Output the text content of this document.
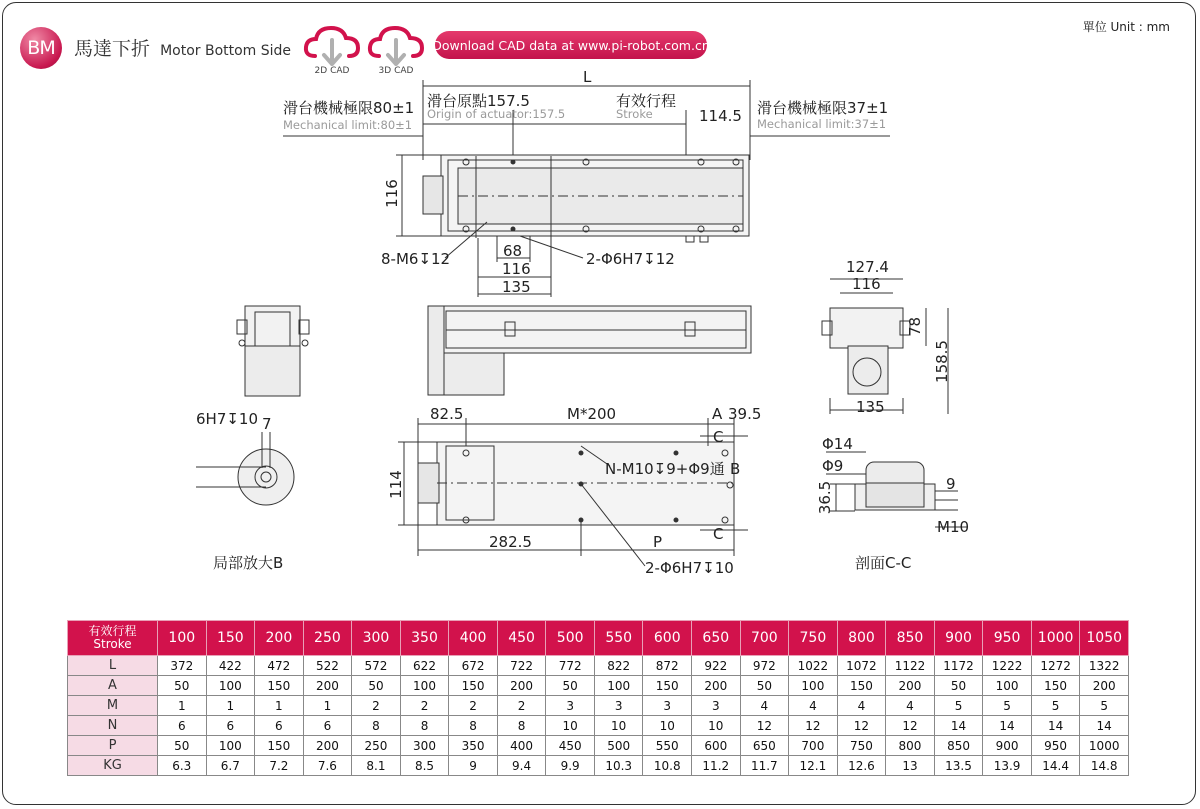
BM	馬達下折 Motor Bottom Side
2D CAD	3D CAD
Download CAD data at www.pi-robot.com.cn
單位 Unit : mm
L
滑台機械極限80±1
Mechanical limit:80±1
滑台原點157.5
Origin of actuator:157.5
有效行程
Stroke	114.5 滑台機械極限37±1
Mechanical limit:37±1
116
68
116
135
8-M6↧12	2-Φ6H7↧12	127.4
116
78
158.5
135
82.5	M*200	A 39.5
C
N-M10↧9+Φ9通 B
114
282.5	P	C
2-Φ6H7↧10
6H7↧10 7
局部放大B
Φ14
Φ9
36.5	9
M10
剖面C-C
有效行程
Stroke	100	150	200	250	300	350	400	450	500	550	600	650	700	750	800	850	900	950	1000	1050
L	372	422	472	522	572	622	672	722	772	822	872	922	972	1022	1072	1122	1172	1222	1272	1322
A	50	100	150	200	50	100	150	200	50	100	150	200	50	100	150	200	50	100	150	200
M	1	1	1	1	2	2	2	2	3	3	3	3	4	4	4	4	5	5	5	5
N	6	6	6	6	8	8	8	8	10	10	10	10	12	12	12	12	14	14	14	14
P	50	100	150	200	250	300	350	400	450	500	550	600	650	700	750	800	850	900	950	1000
KG	6.3	6.7	7.2	7.6	8.1	8.5	9	9.4	9.9	10.3	10.8	11.2	11.7	12.1	12.6	13	13.5	13.9	14.4	14.8
